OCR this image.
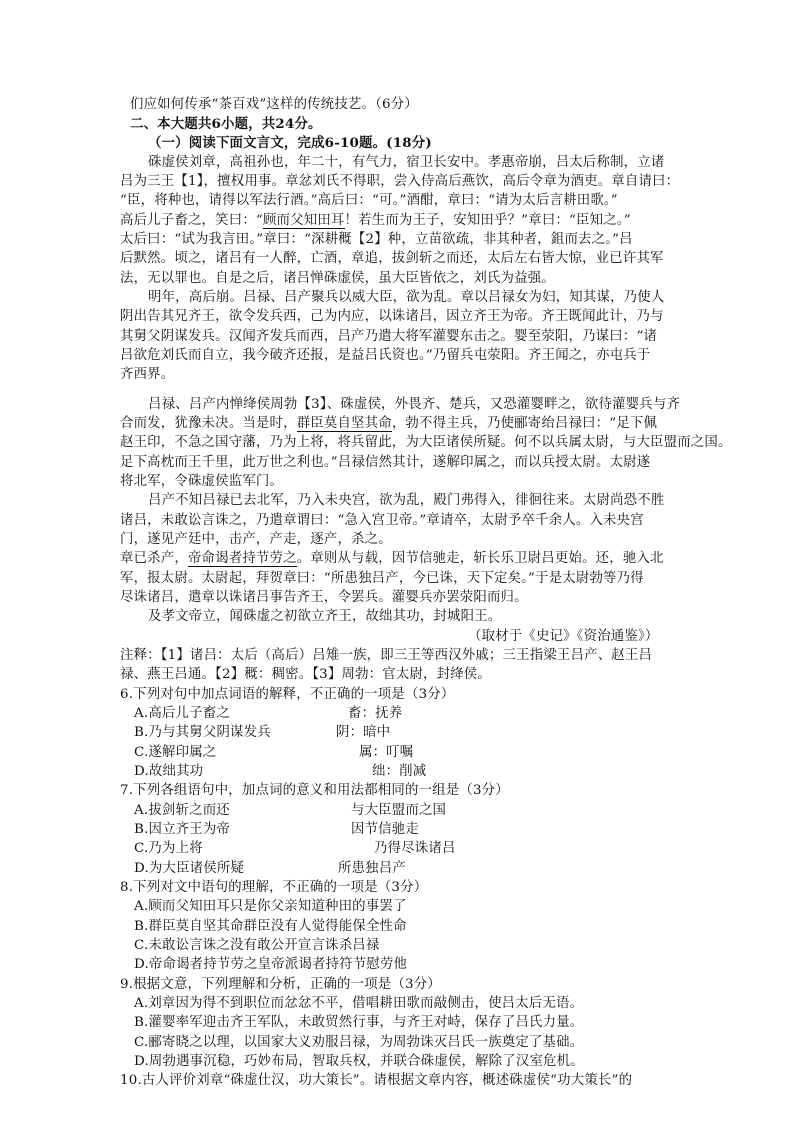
们应如何传承“茶百戏”这样的传统技艺。（6分）
二、本大题共6小题，共24分。
（一）阅读下面文言文，完成6-10题。(18分)
硃虚侯刘章，高祖孙也，年二十，有气力，宿卫长安中。孝惠帝崩，吕太后称制，立诸
吕为三王【1】，擅权用事。章忿刘氏不得职，尝入侍高后燕饮，高后令章为酒吏。章自请曰：
“臣，将种也，请得以军法行酒。”高后曰：“可。”酒酣，章曰：“请为太后言耕田歌。”
高后儿子畜之，笑曰：“顾而父知田耳！若生而为王子，安知田乎？”章曰：“臣知之。”
太后曰：“试为我言田。”章曰：“深耕穊【2】种，立苗欲疏，非其种者，鉏而去之。”吕
后默然。顷之，诸吕有一人醉，亡酒，章追，拔剑斩之而还，太后左右皆大惊，业已许其军
法，无以罪也。自是之后，诸吕惮硃虚侯，虽大臣皆依之，刘氏为益强。
明年，高后崩。吕禄、吕产聚兵以威大臣，欲为乱。章以吕禄女为妇，知其谋，乃使人
阴出告其兄齐王，欲令发兵西，己为内应，以诛诸吕，因立齐王为帝。齐王既闻此计，乃与
其舅父阴谋发兵。汉闻齐发兵而西，吕产乃遣大将军灌婴东击之。婴至荥阳，乃谋曰：“诸
吕欲危刘氏而自立，我今破齐还报，是益吕氏资也。”乃留兵屯荥阳。齐王闻之，亦屯兵于
齐西界。
吕禄、吕产内惮绛侯周勃【3】、硃虚侯，外畏齐、楚兵，又恐灌婴畔之，欲待灌婴兵与齐
合而发，犹豫未决。当是时，群臣莫自坚其命，勃不得主兵，乃使郦寄绐吕禄曰：“足下佩
赵王印，不急之国守藩，乃为上将，将兵留此，为大臣诸侯所疑。何不以兵属太尉，与大臣盟而之国。
足下高枕而王千里，此万世之利也。”吕禄信然其计，遂解印属之，而以兵授太尉。太尉遂
将北军，令硃虚侯监军门。
吕产不知吕禄已去北军，乃入未央宫，欲为乱，殿门弗得入，徘徊往来。太尉尚恐不胜
诸吕，未敢讼言诛之，乃遣章谓曰：“急入宫卫帝。”章请卒，太尉予卒千余人。入未央宫
门，遂见产廷中，击产，产走，逐产，杀之。
章已杀产，帝命谒者持节劳之。章则从与载，因节信驰走，斩长乐卫尉吕更始。还，驰入北
军，报太尉。太尉起，拜贺章曰：“所患独吕产，今已诛，天下定矣。”于是太尉勃等乃得
尽诛诸吕，遣章以诛诸吕事告齐王，令罢兵。灌婴兵亦罢荥阳而归。
及孝文帝立，闻硃虚之初欲立齐王，故绌其功，封城阳王。
（取材于《史记》《资治通鉴》）
注释：【1】诸吕：太后（高后）吕雉一族，即三王等西汉外戚；三王指梁王吕产、赵王吕
禄、燕王吕通。【2】穊：稠密。【3】周勃：官太尉，封绛侯。
6.下列对句中加点词语的解释，不正确的一项是（3分）
A.高后儿子畜之	畜：抚养
B.乃与其舅父阴谋发兵	阴：暗中
C.遂解印属之	属：叮嘱
D.故绌其功	绌：削减
7.下列各组语句中，加点词的意义和用法都相同的一组是（3分）
A.拔剑斩之而还	与大臣盟而之国
B.因立齐王为帝	因节信驰走
C.乃为上将	乃得尽诛诸吕
D.为大臣诸侯所疑	所患独吕产
8.下列对文中语句的理解，不正确的一项是（3分）
A.顾而父知田耳只是你父亲知道种田的事罢了
B.群臣莫自坚其命群臣没有人觉得能保全性命
C.未敢讼言诛之没有敢公开宣言诛杀吕禄
D.帝命谒者持节劳之皇帝派谒者持符节慰劳他
9.根据文意，下列理解和分析，正确的一项是（3分）
A.刘章因为得不到职位而忿忿不平，借唱耕田歌而敲侧击，使吕太后无语。
B.灌婴率军迎击齐王军队，未敢贸然行事，与齐王对峙，保存了吕氏力量。
C.郦寄晓之以理，以国家大义劝服吕禄，为周勃诛灭吕氏一族奠定了基础。
D.周勃遇事沉稳，巧妙布局，智取兵权，并联合硃虚侯，解除了汉室危机。
10.古人评价刘章“硃虚仕汉，功大策长”。请根据文章内容，概述硃虚侯“功大策长”的
